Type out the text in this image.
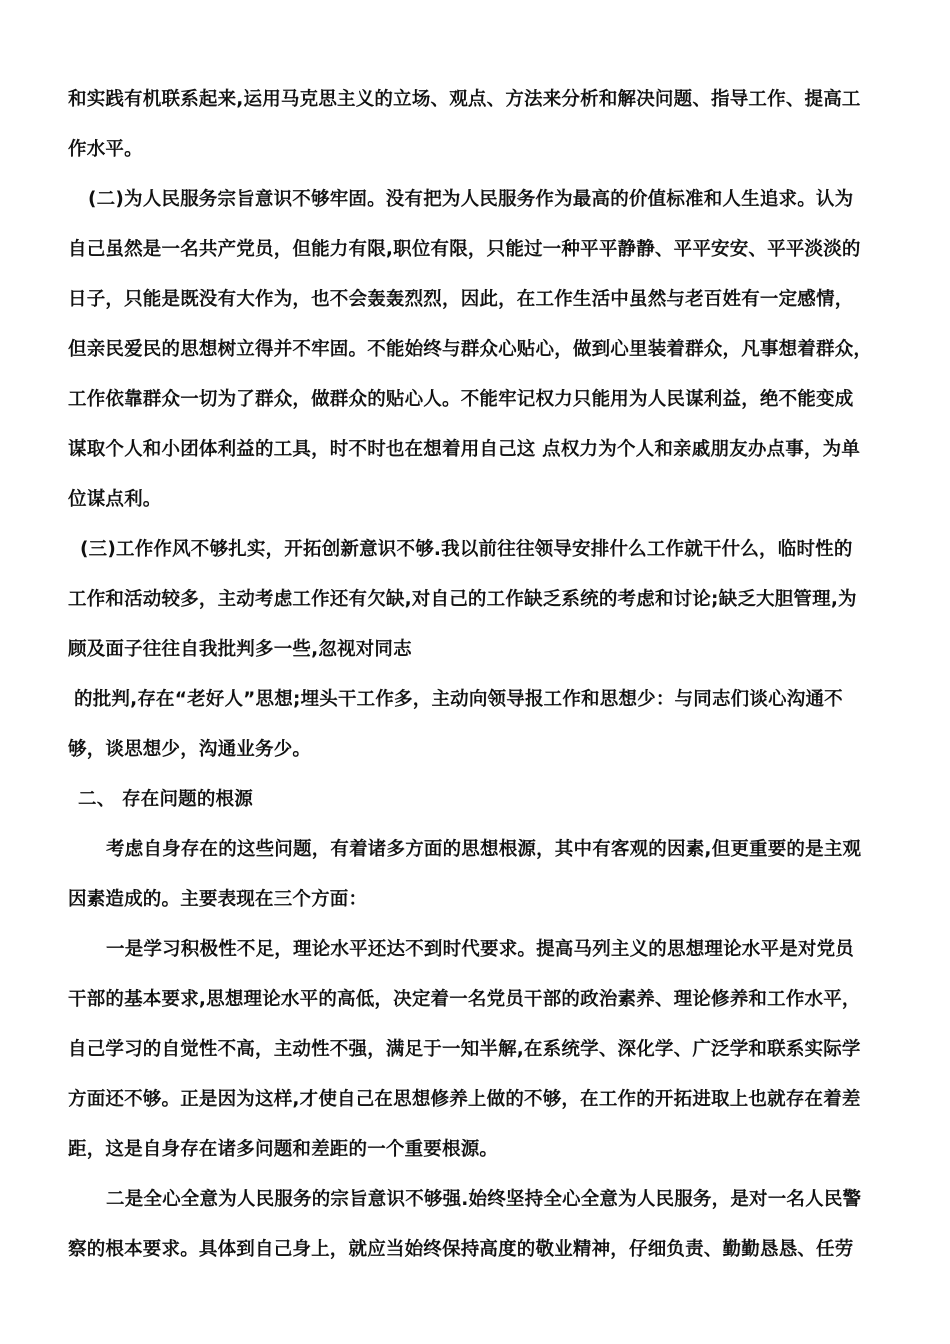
和实践有机联系起来,运用马克思主义的立场、观点、方法来分析和解决问题、指导工作、提高工
作水平。
(二)为人民服务宗旨意识不够牢固。没有把为人民服务作为最高的价值标准和人生追求。认为
自己虽然是一名共产党员，但能力有限,职位有限，只能过一种平平静静、平平安安、平平淡淡的
日子，只能是既没有大作为，也不会轰轰烈烈，因此，在工作生活中虽然与老百姓有一定感情，
但亲民爱民的思想树立得并不牢固。不能始终与群众心贴心，做到心里装着群众，凡事想着群众，
工作依靠群众一切为了群众，做群众的贴心人。不能牢记权力只能用为人民谋利益，绝不能变成
谋取个人和小团体利益的工具，时不时也在想着用自己这 点权力为个人和亲戚朋友办点事，为单
位谋点利。
(三)工作作风不够扎实，开拓创新意识不够.我以前往往领导安排什么工作就干什么，临时性的
工作和活动较多，主动考虑工作还有欠缺,对自己的工作缺乏系统的考虑和讨论;缺乏大胆管理,为
顾及面子往往自我批判多一些,忽视对同志
的批判,存在“老好人”思想;埋头干工作多，主动向领导报工作和思想少：与同志们谈心沟通不
够，谈思想少，沟通业务少。
二、 存在问题的根源
考虑自身存在的这些问题，有着诸多方面的思想根源，其中有客观的因素,但更重要的是主观
因素造成的。主要表现在三个方面：
一是学习积极性不足，理论水平还达不到时代要求。提高马列主义的思想理论水平是对党员
干部的基本要求,思想理论水平的高低，决定着一名党员干部的政治素养、理论修养和工作水平，
自己学习的自觉性不高，主动性不强，满足于一知半解,在系统学、深化学、广泛学和联系实际学
方面还不够。正是因为这样,才使自己在思想修养上做的不够，在工作的开拓进取上也就存在着差
距，这是自身存在诸多问题和差距的一个重要根源。
二是全心全意为人民服务的宗旨意识不够强.始终坚持全心全意为人民服务，是对一名人民警
察的根本要求。具体到自己身上，就应当始终保持高度的敬业精神，仔细负责、勤勤恳恳、任劳
